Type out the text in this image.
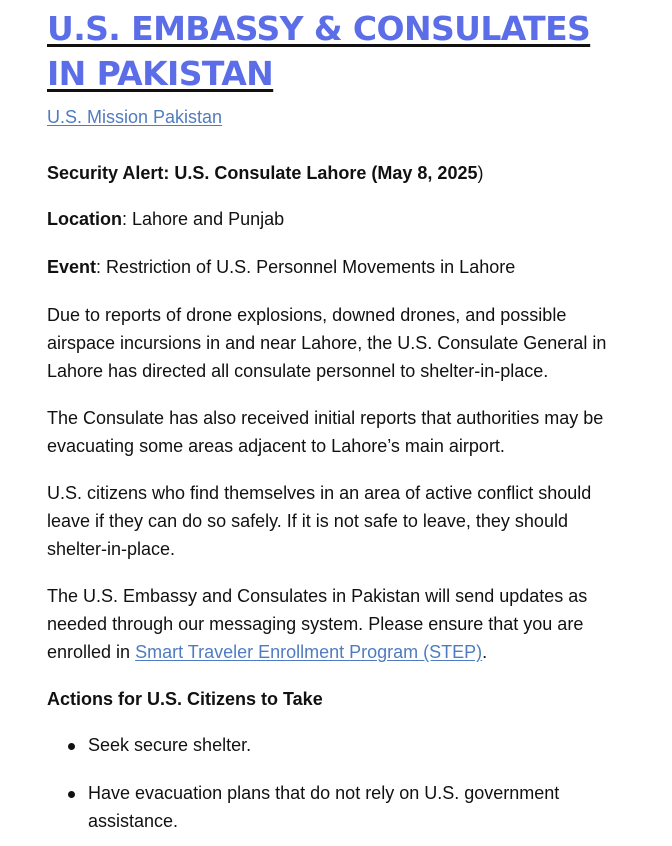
U.S. EMBASSY & CONSULATES
IN PAKISTAN
U.S. Mission Pakistan
Security Alert: U.S. Consulate Lahore (May 8, 2025)

Location: Lahore and Punjab

Event: Restriction of U.S. Personnel Movements in Lahore

Due to reports of drone explosions, downed drones, and possible airspace incursions in and near Lahore, the U.S. Consulate General in Lahore has directed all consulate personnel to shelter-in-place.

The Consulate has also received initial reports that authorities may be evacuating some areas adjacent to Lahore’s main airport.

U.S. citizens who find themselves in an area of active conflict should leave if they can do so safely. If it is not safe to leave, they should shelter-in-place.

The U.S. Embassy and Consulates in Pakistan will send updates as needed through our messaging system. Please ensure that you are enrolled in Smart Traveler Enrollment Program (STEP).

Actions for U.S. Citizens to Take
Seek secure shelter.
Have evacuation plans that do not rely on U.S. government assistance.
